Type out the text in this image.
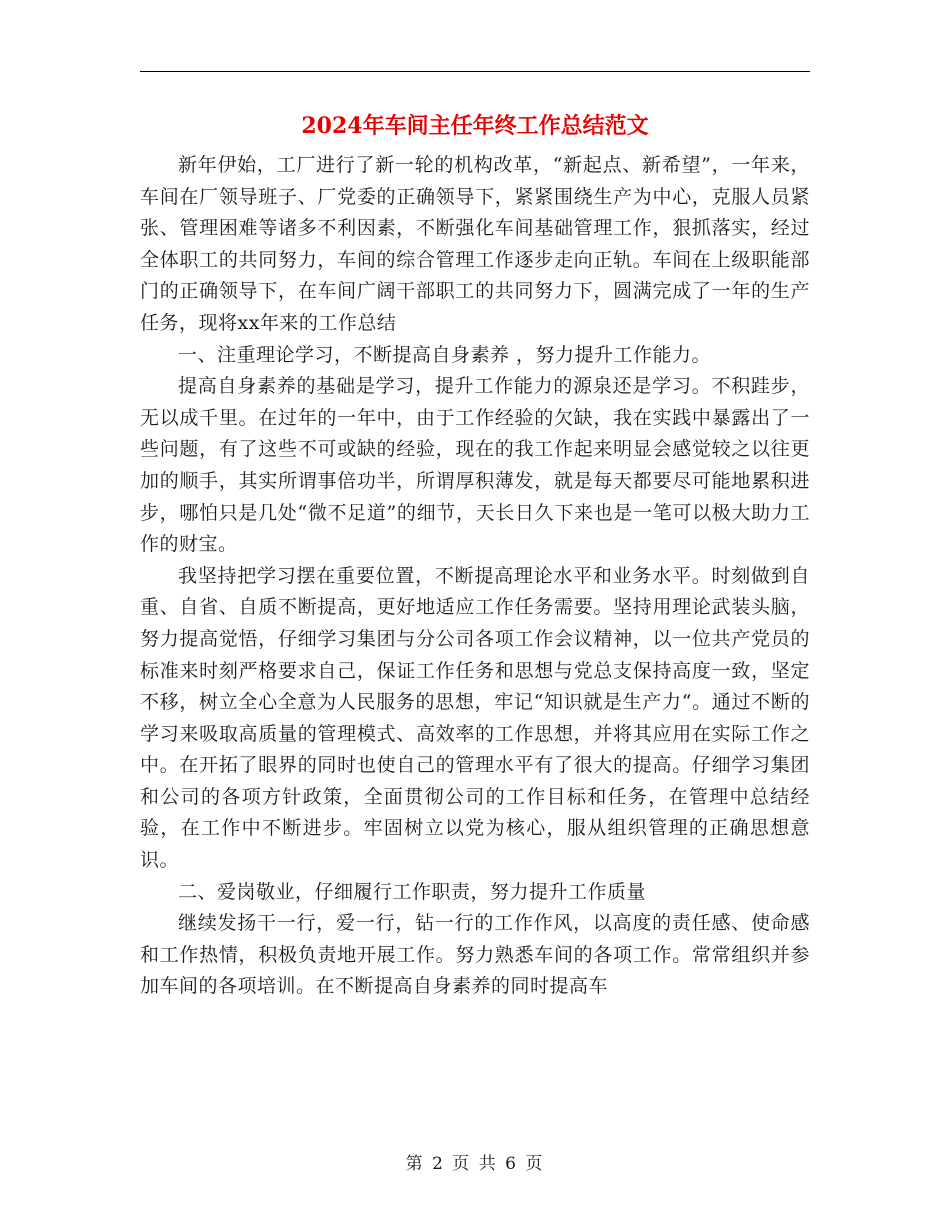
2024年车间主任年终工作总结范文

新年伊始，工厂进行了新一轮的机构改革，“新起点、新希望”，一年来，车间在厂领导班子、厂党委的正确领导下，紧紧围绕生产为中心，克服人员紧张、管理困难等诸多不利因素，不断强化车间基础管理工作，狠抓落实，经过全体职工的共同努力，车间的综合管理工作逐步走向正轨。车间在上级职能部门的正确领导下，在车间广阔干部职工的共同努力下，圆满完成了一年的生产任务，现将xx年来的工作总结

一、注重理论学习，不断提高自身素养 ，努力提升工作能力。

提高自身素养的基础是学习，提升工作能力的源泉还是学习。不积跬步，无以成千里。在过年的一年中，由于工作经验的欠缺，我在实践中暴露出了一些问题，有了这些不可或缺的经验，现在的我工作起来明显会感觉较之以往更加的顺手，其实所谓事倍功半，所谓厚积薄发，就是每天都要尽可能地累积进步，哪怕只是几处“微不足道”的细节，天长日久下来也是一笔可以极大助力工作的财宝。

我坚持把学习摆在重要位置，不断提高理论水平和业务水平。时刻做到自重、自省、自质不断提高，更好地适应工作任务需要。坚持用理论武装头脑，努力提高觉悟，仔细学习集团与分公司各项工作会议精神，以一位共产党员的标准来时刻严格要求自己，保证工作任务和思想与党总支保持高度一致，坚定不移，树立全心全意为人民服务的思想，牢记“知识就是生产力“。通过不断的学习来吸取高质量的管理模式、高效率的工作思想，并将其应用在实际工作之中。在开拓了眼界的同时也使自己的管理水平有了很大的提高。仔细学习集团和公司的各项方针政策，全面贯彻公司的工作目标和任务，在管理中总结经验，在工作中不断进步。牢固树立以党为核心，服从组织管理的正确思想意识。

二、爱岗敬业，仔细履行工作职责，努力提升工作质量

继续发扬干一行，爱一行，钻一行的工作作风，以高度的责任感、使命感和工作热情，积极负责地开展工作。努力熟悉车间的各项工作。常常组织并参加车间的各项培训。在不断提高自身素养的同时提高车

第 2 页 共 6 页
